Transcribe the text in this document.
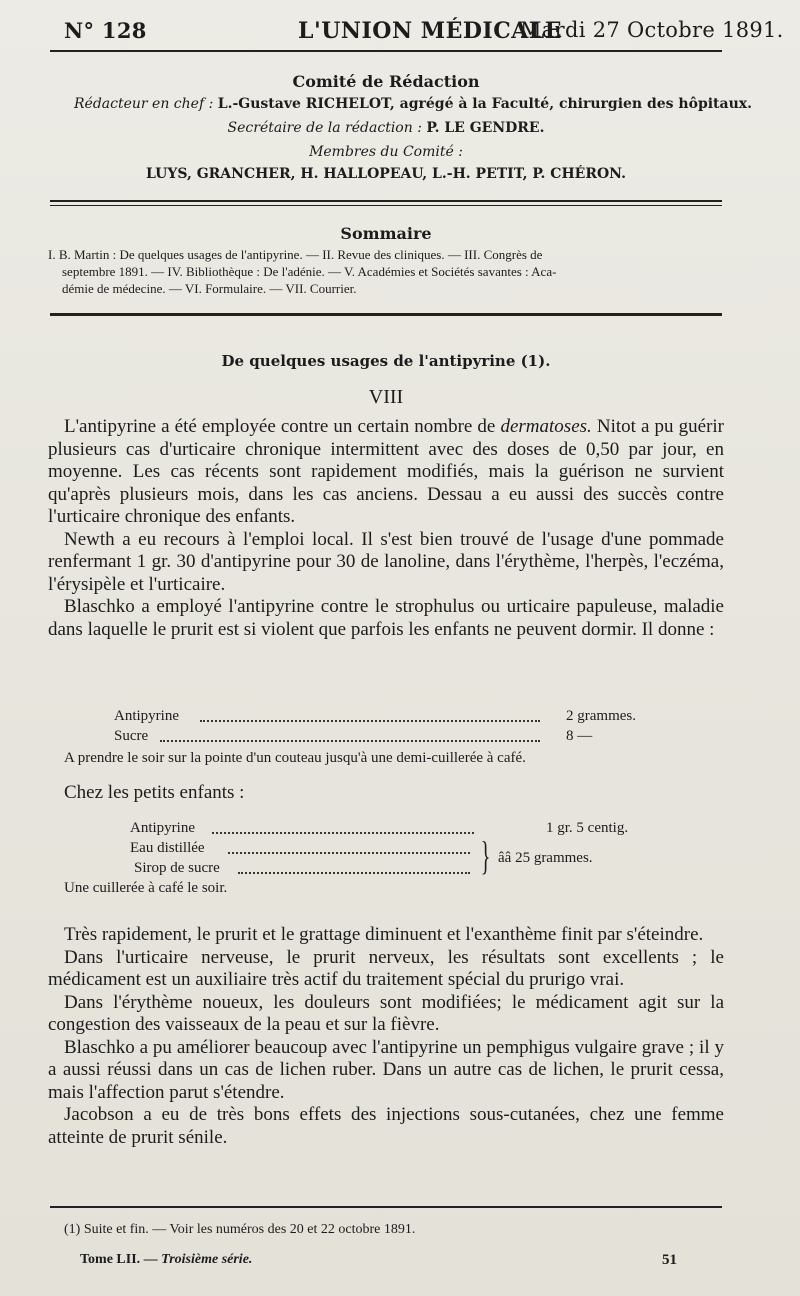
N° 128	L'UNION MÉDICALE
Mardi 27 Octobre 1891.
Comité de Rédaction
Rédacteur en chef : L.-Gustave RICHELOT, agrégé à la Faculté, chirurgien des hôpitaux.
Secrétaire de la rédaction : P. LE GENDRE.
Membres du Comité :
LUYS, GRANCHER, H. HALLOPEAU, L.-H. PETIT, P. CHÉRON.
Sommaire
I. B. Martin : De quelques usages de l'antipyrine. — II. Revue des cliniques. — III. Congrès de
septembre 1891. — IV. Bibliothèque : De l'adénie. — V. Académies et Sociétés savantes : Aca-
démie de médecine. — VI. Formulaire. — VII. Courrier.
De quelques usages de l'antipyrine (1).
VIII

L'antipyrine a été employée contre un certain nombre de dermatoses. Nitot a pu guérir plusieurs cas d'urticaire chronique intermittent avec des doses de 0,50 par jour, en moyenne. Les cas récents sont rapidement modifiés, mais la guérison ne survient qu'après plusieurs mois, dans les cas anciens. Dessau a eu aussi des succès contre l'urticaire chronique des enfants.

Newth a eu recours à l'emploi local. Il s'est bien trouvé de l'usage d'une pommade renfermant 1 gr. 30 d'antipyrine pour 30 de lanoline, dans l'érythème, l'herpès, l'eczéma, l'érysipèle et l'urticaire.

Blaschko a employé l'antipyrine contre le strophulus ou urticaire papuleuse, maladie dans laquelle le prurit est si violent que parfois les enfants ne peuvent dormir. Il donne :

Antipyrine	2 grammes.
Sucre	8 —
A prendre le soir sur la pointe d'un couteau jusqu'à une demi-cuillerée à café.
Chez les petits enfants :
Antipyrine	1 gr. 5 centig.
Eau distillée
Sirop de sucre	} ââ 25 grammes.
Une cuillerée à café le soir.

Très rapidement, le prurit et le grattage diminuent et l'exanthème finit par s'éteindre.

Dans l'urticaire nerveuse, le prurit nerveux, les résultats sont excellents ; le médicament est un auxiliaire très actif du traitement spécial du prurigo vrai.

Dans l'érythème noueux, les douleurs sont modifiées; le médicament agit sur la congestion des vaisseaux de la peau et sur la fièvre.

Blaschko a pu améliorer beaucoup avec l'antipyrine un pemphigus vulgaire grave ; il y a aussi réussi dans un cas de lichen ruber. Dans un autre cas de lichen, le prurit cessa, mais l'affection parut s'étendre.

Jacobson a eu de très bons effets des injections sous-cutanées, chez une femme atteinte de prurit sénile.

(1) Suite et fin. — Voir les numéros des 20 et 22 octobre 1891.
Tome LII. — Troisième série.	51
